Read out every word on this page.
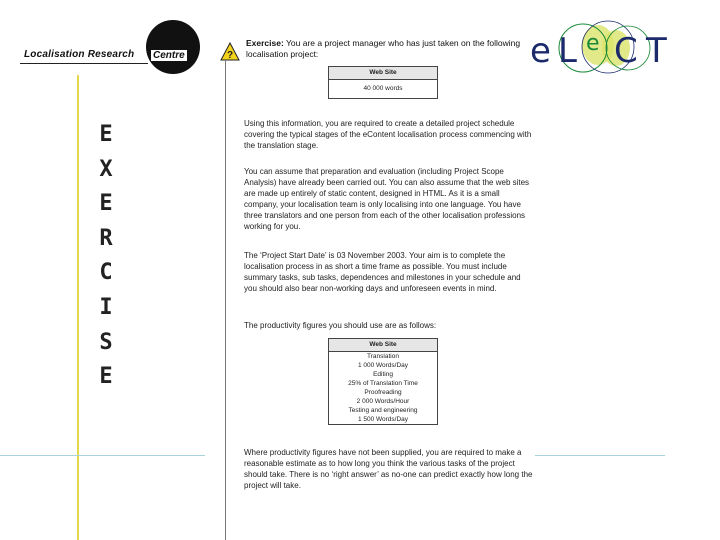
Localisation Research Centre	?	e L e C T
E
X
E
R
C
I
S
E
Exercise: You are a project manager who has just taken on the following localisation project:
Web Site
40 000 words
Using this information, you are required to create a detailed project schedule covering the typical stages of the eContent localisation process commencing with the translation stage.
You can assume that preparation and evaluation (including Project Scope Analysis) have already been carried out. You can also assume that the web sites are made up entirely of static content, designed in HTML. As it is a small company, your localisation team is only localising into one language. You have three translators and one person from each of the other localisation professions working for you.
The ‘Project Start Date’ is 03 November 2003. Your aim is to complete the localisation process in as short a time frame as possible. You must include summary tasks, sub tasks, dependences and milestones in your schedule and you should also bear non-working days and unforeseen events in mind.
The productivity figures you should use are as follows:
Web Site
Translation
1 000 Words/Day
Editing
25% of Translation Time
Proofreading
2 000 Words/Hour
Testing and engineering
1 500 Words/Day
Where productivity figures have not been supplied, you are required to make a reasonable estimate as to how long you think the various tasks of the project should take. There is no ‘right answer’ as no-one can predict exactly how long the project will take.
